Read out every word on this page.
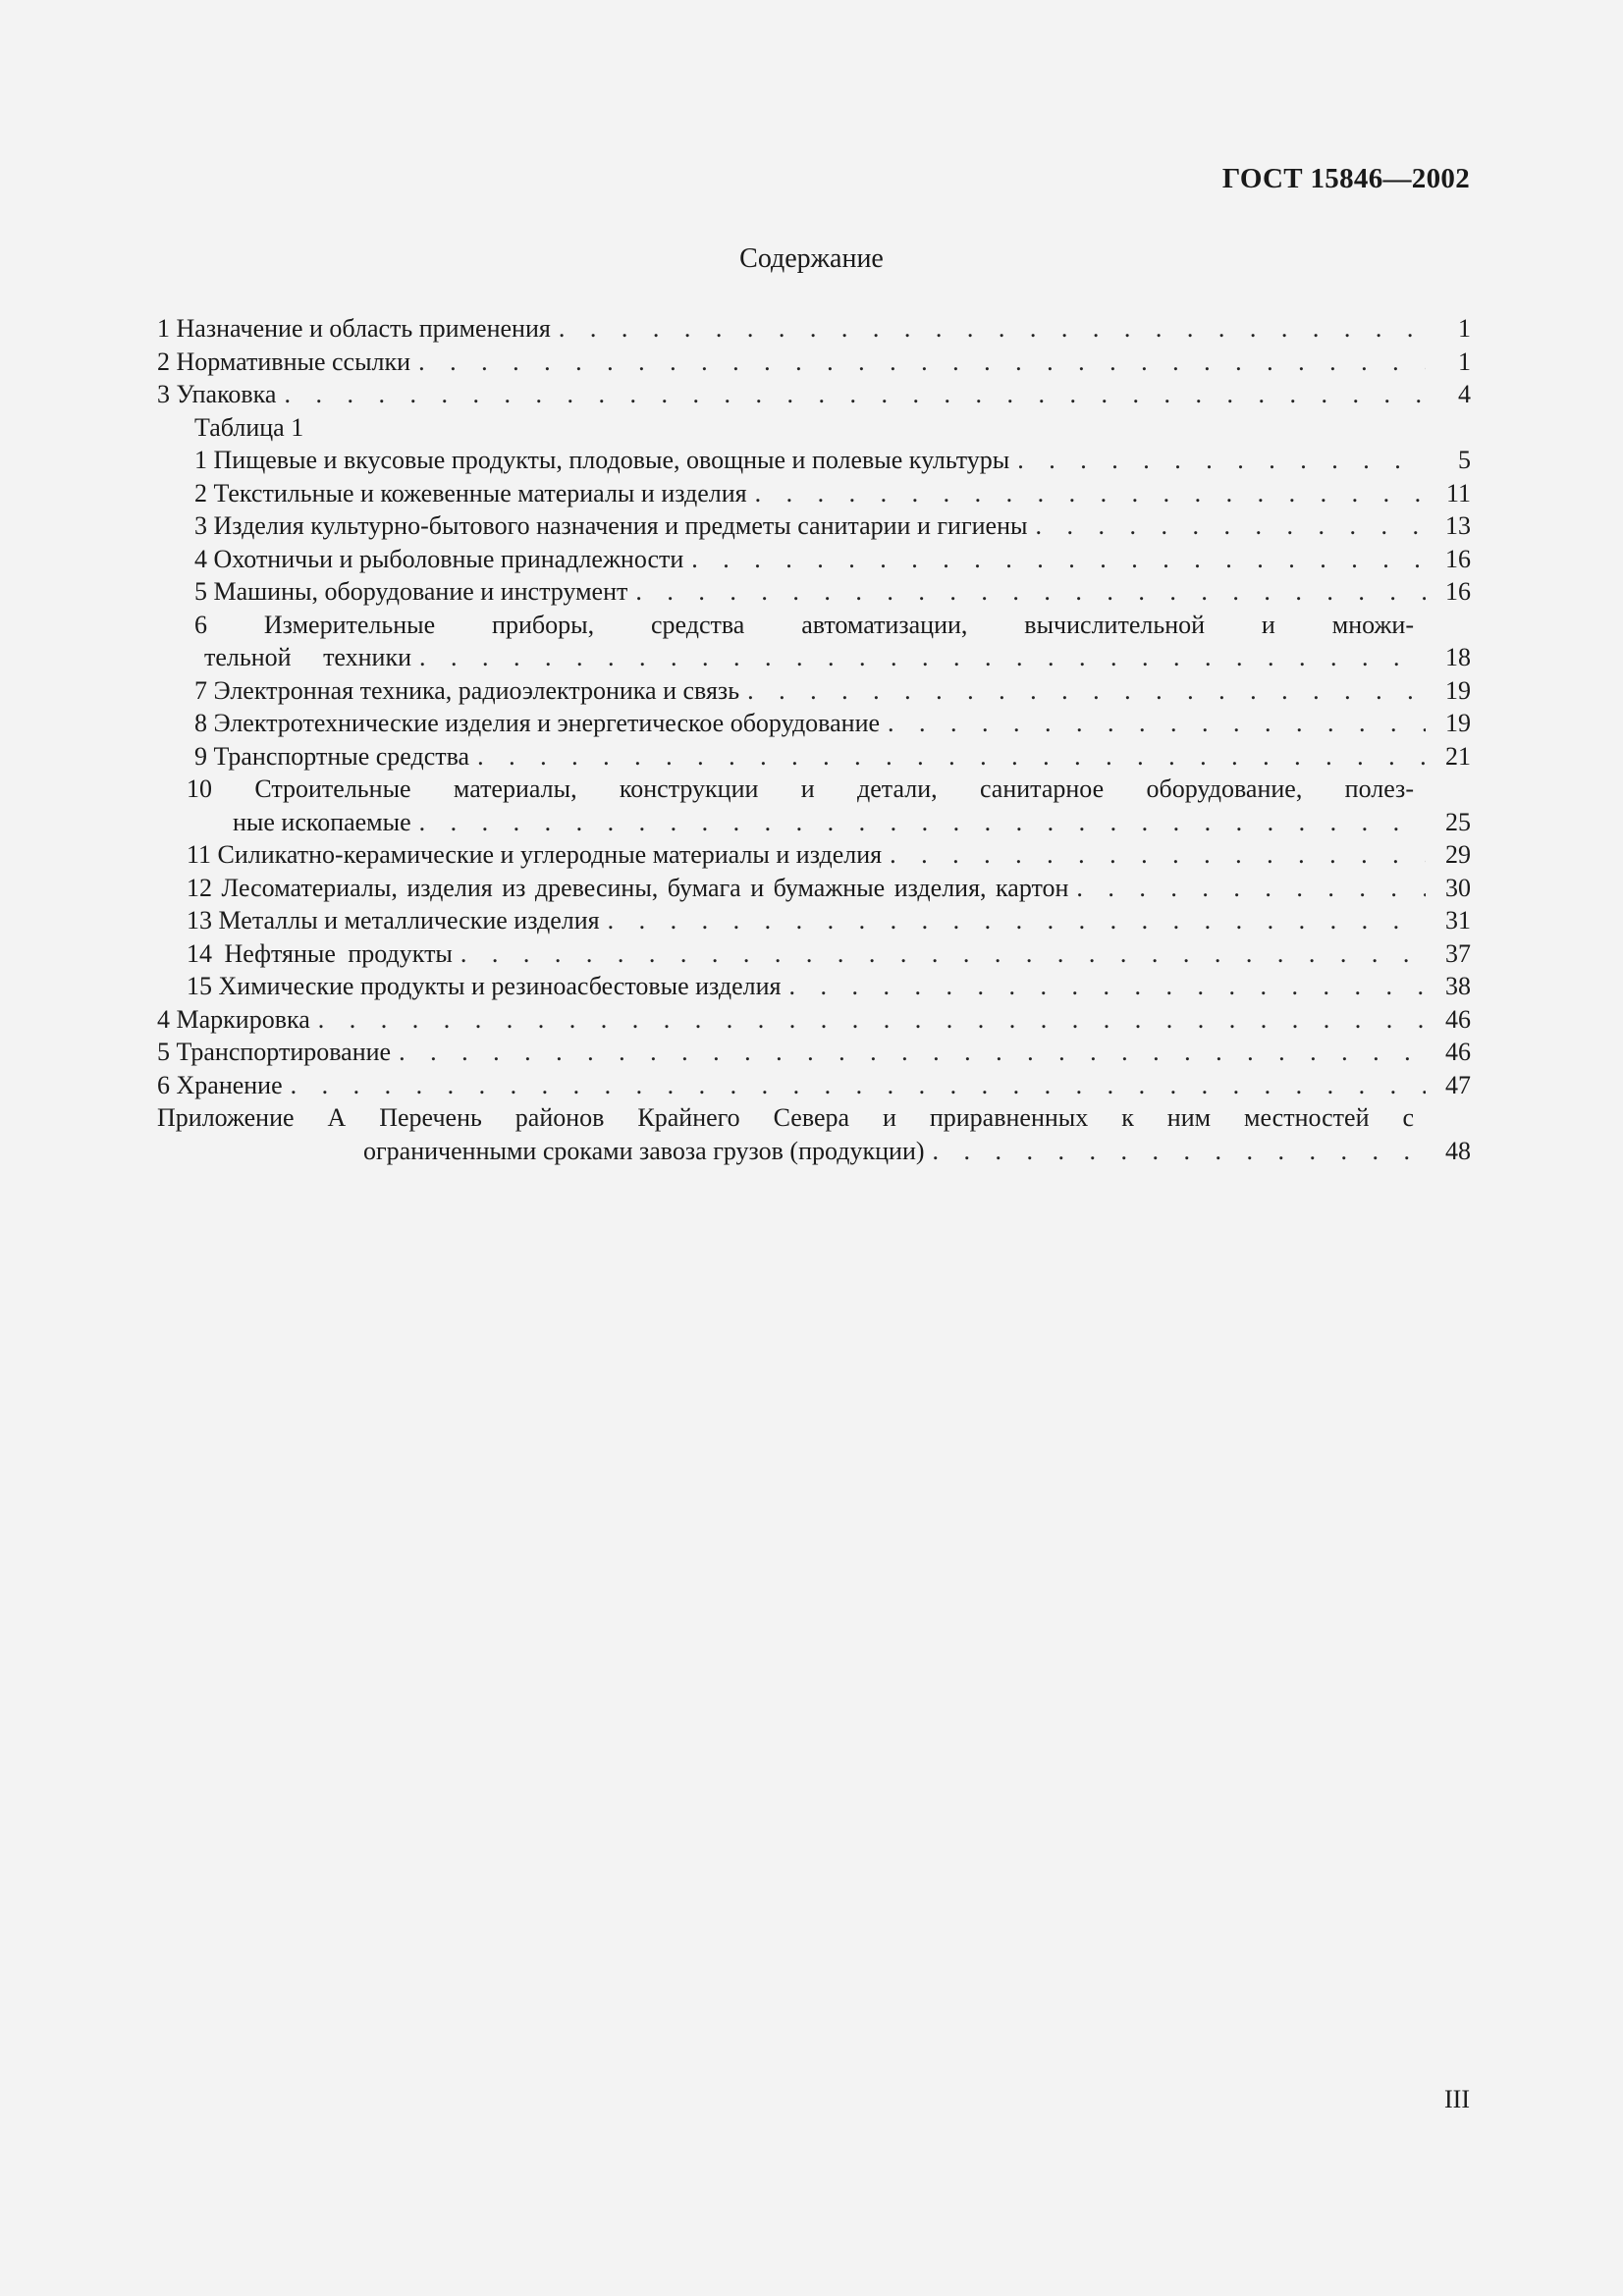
ГОСТ 15846—2002
Содержание
1 Назначение и область применения . . .	1
2 Нормативные ссылки . . .	1
3 Упаковка . . .	4
Таблица 1
1 Пищевые и вкусовые продукты, плодовые, овощные и полевые культуры . . .	5
2 Текстильные и кожевенные материалы и изделия . . .	11
3 Изделия культурно-бытового назначения и предметы санитарии и гигиены . . .	13
4 Охотничьи и рыболовные принадлежности . . .	16
5 Машины, оборудование и инструмент . . .	16
6 Измерительные приборы, средства автоматизации, вычислительной и множи-
тельной техники . . .	18
7 Электронная техника, радиоэлектроника и связь . . .	19
8 Электротехнические изделия и энергетическое оборудование . . .	19
9 Транспортные средства . . .	21
10 Строительные материалы, конструкции и детали, санитарное оборудование, полез-
ные ископаемые . . .	25
11 Силикатно-керамические и углеродные материалы и изделия . . .	29
12 Лесоматериалы, изделия из древесины, бумага и бумажные изделия, картон . . .	30
13 Металлы и металлические изделия . . .	31
14 Нефтяные продукты . . .	37
15 Химические продукты и резиноасбестовые изделия . . .	38
4 Маркировка . . .	46
5 Транспортирование . . .	46
6 Хранение . . .	47
Приложение А Перечень районов Крайнего Севера и приравненных к ним местностей с
ограниченными сроками завоза грузов (продукции) . . .	48
III
